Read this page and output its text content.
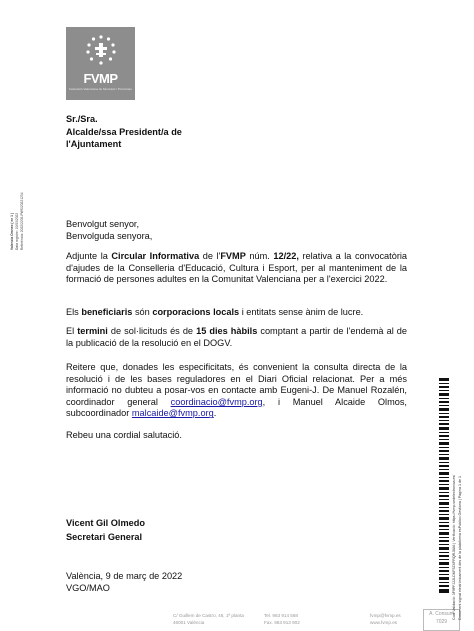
FVMP
Federació Valenciana de Municipis i Províncies
Valencia Omneo ( en 1 ) Data registre: 10/03/2022 Referència: 2022/2203-PWS/20221234
Sr./Sra.
Alcalde/ssa President/a de
l'Ajuntament
Benvolgut senyor,
Benvolguda senyora,
Adjunte la Circular Informativa de l'FVMP núm. 12/22, relativa a la convocatòria d'ajudes de la Conselleria d'Educació, Cultura i Esport, per al manteniment de la formació de persones adultes en la Comunitat Valenciana per a l'exercici 2022.
Els beneficiaris són corporacions locals i entitats sense ànim de lucre.
El termini de sol·licituds és de 15 dies hàbils comptant a partir de l'endemà al de la publicació de la resolució en el DOGV.
Reitere que, donades les especificitats, és convenient la consulta directa de la resolució i de les bases reguladores en el Diari Oficial relacionat. Per a més informació no dubteu a posar-vos en contacte amb Eugeni-J. De Manuel Rozalén, coordinador general coordinacio@fvmp.org, i Manuel Alcaide Olmos, subcoordinador malcaide@fvmp.org.
Rebeu una cordial salutació.
Vicent Gil Olmedo
Secretari General
València, 9 de març de 2022
VGO/MAO
C/ Guillem de Castro, 46, 1ª planta
46001 València
Tel. 963 914 568
Fax. 963 913 902
fvmp@fvmp.es
www.fvmp.es
A. Consum
7029
Codi Validació: 3F9PFJ22LDKF5ZXFRQRJ8A6 | Verificació: https://fvmp.sedelectronica.es/ Document signat electrònicament des de la plataforma esPublico Gestiona | Pàgina 1 de 1
